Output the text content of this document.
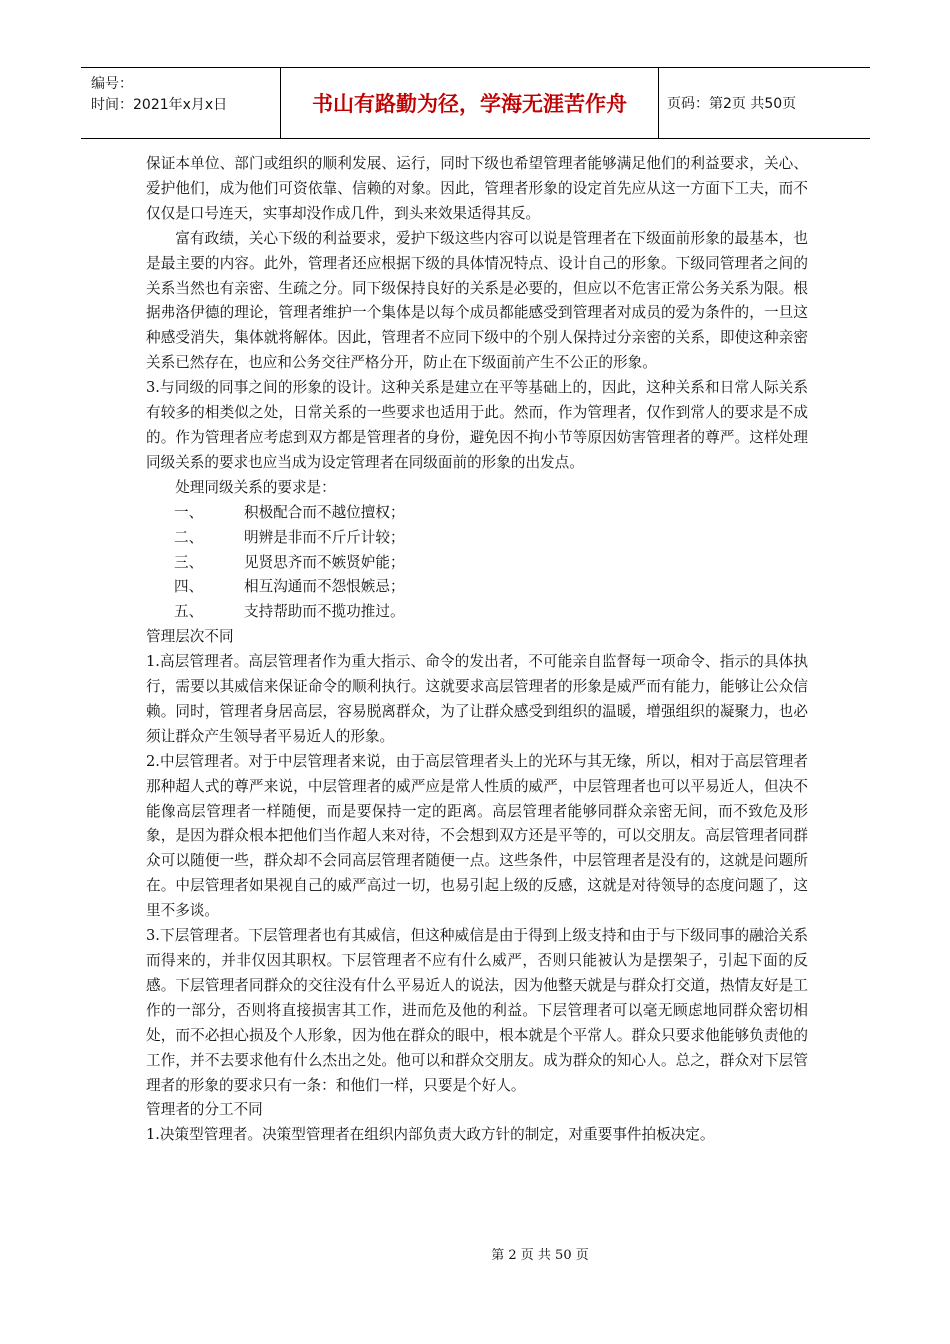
编号：
时间：2021年x月x日	书山有路勤为径，学海无涯苦作舟	页码：第2页 共50页

保证本单位、部门或组织的顺利发展、运行，同时下级也希望管理者能够满足他们的利益要求，关心、爱护他们，成为他们可资依靠、信赖的对象。因此，管理者形象的设定首先应从这一方面下工夫，而不仅仅是口号连天，实事却没作成几件，到头来效果适得其反。

富有政绩，关心下级的利益要求，爱护下级这些内容可以说是管理者在下级面前形象的最基本，也是最主要的内容。此外，管理者还应根据下级的具体情况特点、设计自己的形象。下级同管理者之间的关系当然也有亲密、生疏之分。同下级保持良好的关系是必要的，但应以不危害正常公务关系为限。根据弗洛伊德的理论，管理者维护一个集体是以每个成员都能感受到管理者对成员的爱为条件的，一旦这种感受消失，集体就将解体。因此，管理者不应同下级中的个别人保持过分亲密的关系，即使这种亲密关系已然存在，也应和公务交往严格分开，防止在下级面前产生不公正的形象。

3.与同级的同事之间的形象的设计。这种关系是建立在平等基础上的，因此，这种关系和日常人际关系有较多的相类似之处，日常关系的一些要求也适用于此。然而，作为管理者，仅作到常人的要求是不成的。作为管理者应考虑到双方都是管理者的身份，避免因不拘小节等原因妨害管理者的尊严。这样处理同级关系的要求也应当成为设定管理者在同级面前的形象的出发点。

处理同级关系的要求是：

一、	积极配合而不越位擅权；
二、	明辨是非而不斤斤计较；
三、	见贤思齐而不嫉贤妒能；
四、	相互沟通而不怨恨嫉忌；
五、	支持帮助而不揽功推过。

管理层次不同

1.高层管理者。高层管理者作为重大指示、命令的发出者，不可能亲自监督每一项命令、指示的具体执行，需要以其威信来保证命令的顺利执行。这就要求高层管理者的形象是威严而有能力，能够让公众信赖。同时，管理者身居高层，容易脱离群众，为了让群众感受到组织的温暖，增强组织的凝聚力，也必须让群众产生领导者平易近人的形象。

2.中层管理者。对于中层管理者来说，由于高层管理者头上的光环与其无缘，所以，相对于高层管理者那种超人式的尊严来说，中层管理者的威严应是常人性质的威严，中层管理者也可以平易近人，但决不能像高层管理者一样随便，而是要保持一定的距离。高层管理者能够同群众亲密无间，而不致危及形象，是因为群众根本把他们当作超人来对待，不会想到双方还是平等的，可以交朋友。高层管理者同群众可以随便一些，群众却不会同高层管理者随便一点。这些条件，中层管理者是没有的，这就是问题所在。中层管理者如果视自己的威严高过一切，也易引起上级的反感，这就是对待领导的态度问题了，这里不多谈。

3.下层管理者。下层管理者也有其威信，但这种威信是由于得到上级支持和由于与下级同事的融洽关系而得来的，并非仅因其职权。下层管理者不应有什么威严，否则只能被认为是摆架子，引起下面的反感。下层管理者同群众的交往没有什么平易近人的说法，因为他整天就是与群众打交道，热情友好是工作的一部分，否则将直接损害其工作，进而危及他的利益。下层管理者可以毫无顾虑地同群众密切相处，而不必担心损及个人形象，因为他在群众的眼中，根本就是个平常人。群众只要求他能够负责他的工作，并不去要求他有什么杰出之处。他可以和群众交朋友。成为群众的知心人。总之，群众对下层管理者的形象的要求只有一条：和他们一样，只要是个好人。

管理者的分工不同

1.决策型管理者。决策型管理者在组织内部负责大政方针的制定，对重要事件拍板决定。

第 2 页 共 50 页
